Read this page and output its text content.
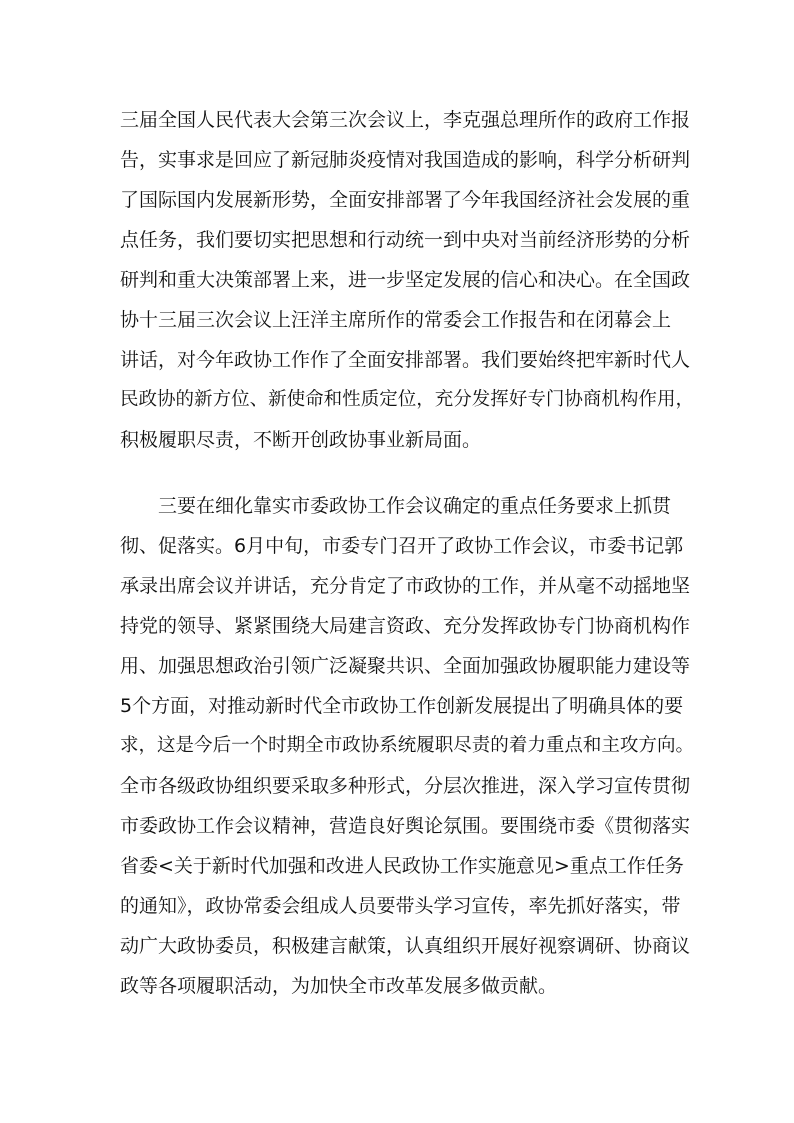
三届全国人民代表大会第三次会议上，李克强总理所作的政府工作报
告，实事求是回应了新冠肺炎疫情对我国造成的影响，科学分析研判
了国际国内发展新形势，全面安排部署了今年我国经济社会发展的重
点任务，我们要切实把思想和行动统一到中央对当前经济形势的分析
研判和重大决策部署上来，进一步坚定发展的信心和决心。在全国政
协十三届三次会议上汪洋主席所作的常委会工作报告和在闭幕会上
讲话，对今年政协工作作了全面安排部署。我们要始终把牢新时代人
民政协的新方位、新使命和性质定位，充分发挥好专门协商机构作用，
积极履职尽责，不断开创政协事业新局面。
三要在细化靠实市委政协工作会议确定的重点任务要求上抓贯
彻、促落实。6月中旬，市委专门召开了政协工作会议，市委书记郭
承录出席会议并讲话，充分肯定了市政协的工作，并从毫不动摇地坚
持党的领导、紧紧围绕大局建言资政、充分发挥政协专门协商机构作
用、加强思想政治引领广泛凝聚共识、全面加强政协履职能力建设等
5个方面，对推动新时代全市政协工作创新发展提出了明确具体的要
求，这是今后一个时期全市政协系统履职尽责的着力重点和主攻方向。
全市各级政协组织要采取多种形式，分层次推进，深入学习宣传贯彻
市委政协工作会议精神，营造良好舆论氛围。要围绕市委《贯彻落实
省委<关于新时代加强和改进人民政协工作实施意见>重点工作任务
的通知》，政协常委会组成人员要带头学习宣传，率先抓好落实，带
动广大政协委员，积极建言献策，认真组织开展好视察调研、协商议
政等各项履职活动，为加快全市改革发展多做贡献。
